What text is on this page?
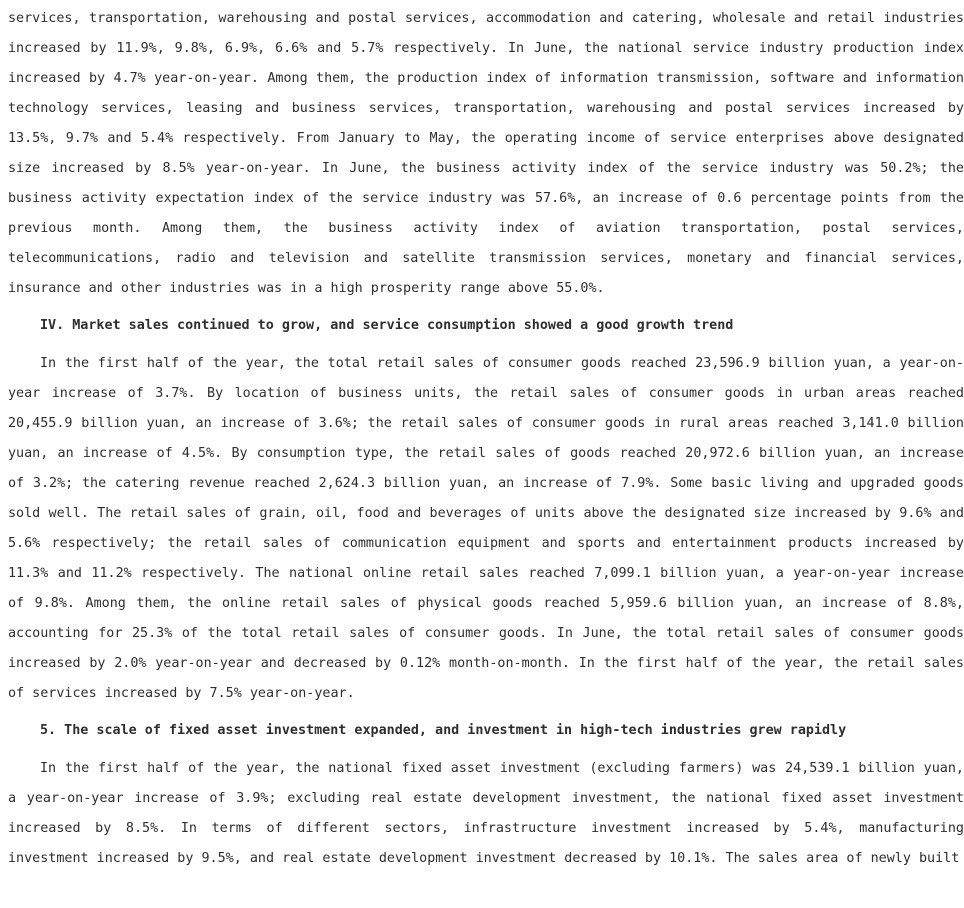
services, transportation, warehousing and postal services, accommodation and catering, wholesale and retail industries increased by 11.9%, 9.8%, 6.9%, 6.6% and 5.7% respectively. In June, the national service industry production index increased by 4.7% year-on-year. Among them, the production index of information transmission, software and information technology services, leasing and business services, transportation, warehousing and postal services increased by 13.5%, 9.7% and 5.4% respectively. From January to May, the operating income of service enterprises above designated size increased by 8.5% year-on-year. In June, the business activity index of the service industry was 50.2%; the business activity expectation index of the service industry was 57.6%, an increase of 0.6 percentage points from the previous month. Among them, the business activity index of aviation transportation, postal services, telecommunications, radio and television and satellite transmission services, monetary and financial services, insurance and other industries was in a high prosperity range above 55.0%.

IV. Market sales continued to grow, and service consumption showed a good growth trend

In the first half of the year, the total retail sales of consumer goods reached 23,596.9 billion yuan, a year-on-year increase of 3.7%. By location of business units, the retail sales of consumer goods in urban areas reached 20,455.9 billion yuan, an increase of 3.6%; the retail sales of consumer goods in rural areas reached 3,141.0 billion yuan, an increase of 4.5%. By consumption type, the retail sales of goods reached 20,972.6 billion yuan, an increase of 3.2%; the catering revenue reached 2,624.3 billion yuan, an increase of 7.9%. Some basic living and upgraded goods sold well. The retail sales of grain, oil, food and beverages of units above the designated size increased by 9.6% and 5.6% respectively; the retail sales of communication equipment and sports and entertainment products increased by 11.3% and 11.2% respectively. The national online retail sales reached 7,099.1 billion yuan, a year-on-year increase of 9.8%. Among them, the online retail sales of physical goods reached 5,959.6 billion yuan, an increase of 8.8%, accounting for 25.3% of the total retail sales of consumer goods. In June, the total retail sales of consumer goods increased by 2.0% year-on-year and decreased by 0.12% month-on-month. In the first half of the year, the retail sales of services increased by 7.5% year-on-year.

5. The scale of fixed asset investment expanded, and investment in high-tech industries grew rapidly

In the first half of the year, the national fixed asset investment (excluding farmers) was 24,539.1 billion yuan, a year-on-year increase of 3.9%; excluding real estate development investment, the national fixed asset investment increased by 8.5%. In terms of different sectors, infrastructure investment increased by 5.4%, manufacturing investment increased by 9.5%, and real estate development investment decreased by 10.1%. The sales area of newly built
